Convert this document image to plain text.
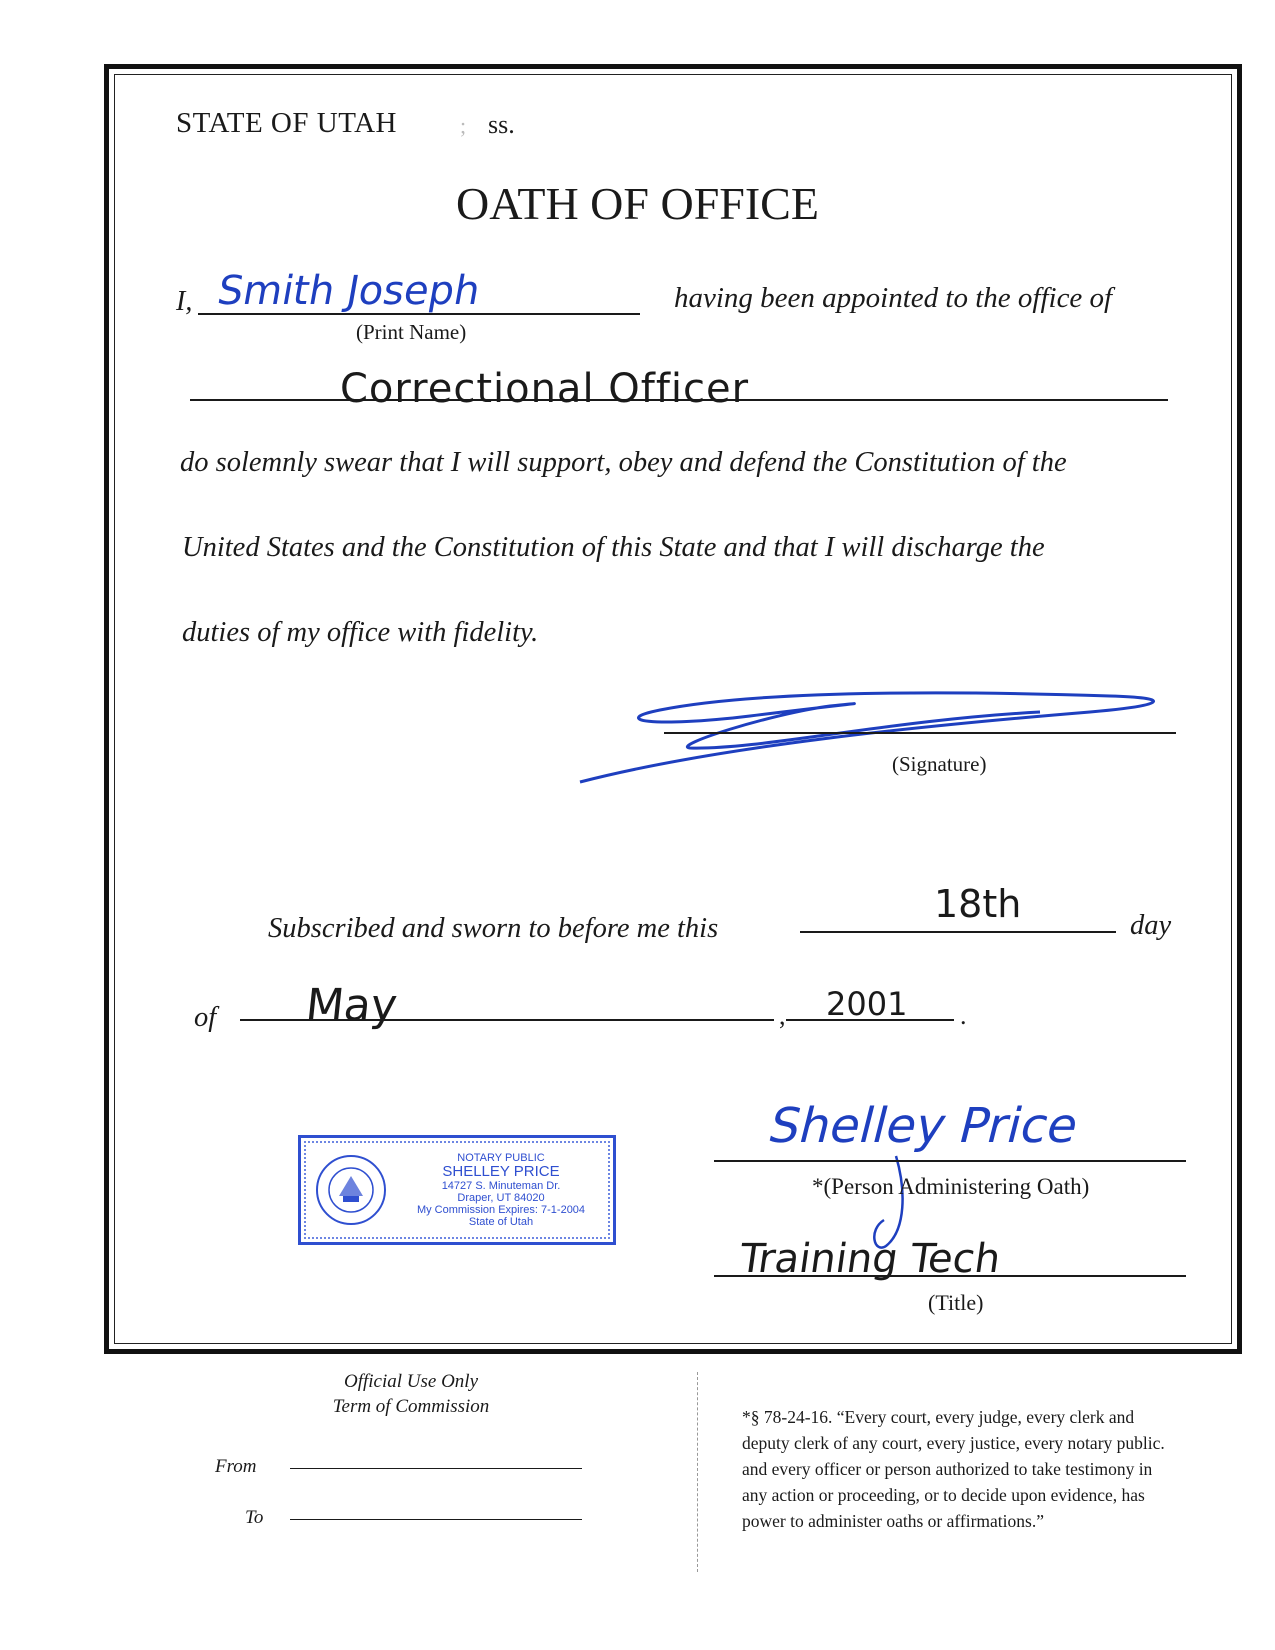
STATE OF UTAH	; ss.
OATH OF OFFICE
I, Smith Joseph
(Print Name)
having been appointed to the office of
Correctional Officer
do solemnly swear that I will support, obey and defend the Constitution of the
United States and the Constitution of this State and that I will discharge the
duties of my office with fidelity.
(Signature)
Subscribed and sworn to before me this
18th	day
of May	, 2001 .
NOTARY PUBLIC
SHELLEY PRICE
14727 S. Minuteman Dr.
Draper, UT 84020
My Commission Expires: 7-1-2004
State of Utah
Shelley Price
*(Person Administering Oath)
Training Tech
(Title)
Official Use Only
Term of Commission
From
To
*§ 78-24-16. “Every court, every judge, every clerk and
deputy clerk of any court, every justice, every notary public.
and every officer or person authorized to take testimony in
any action or proceeding, or to decide upon evidence, has
power to administer oaths or affirmations.”
